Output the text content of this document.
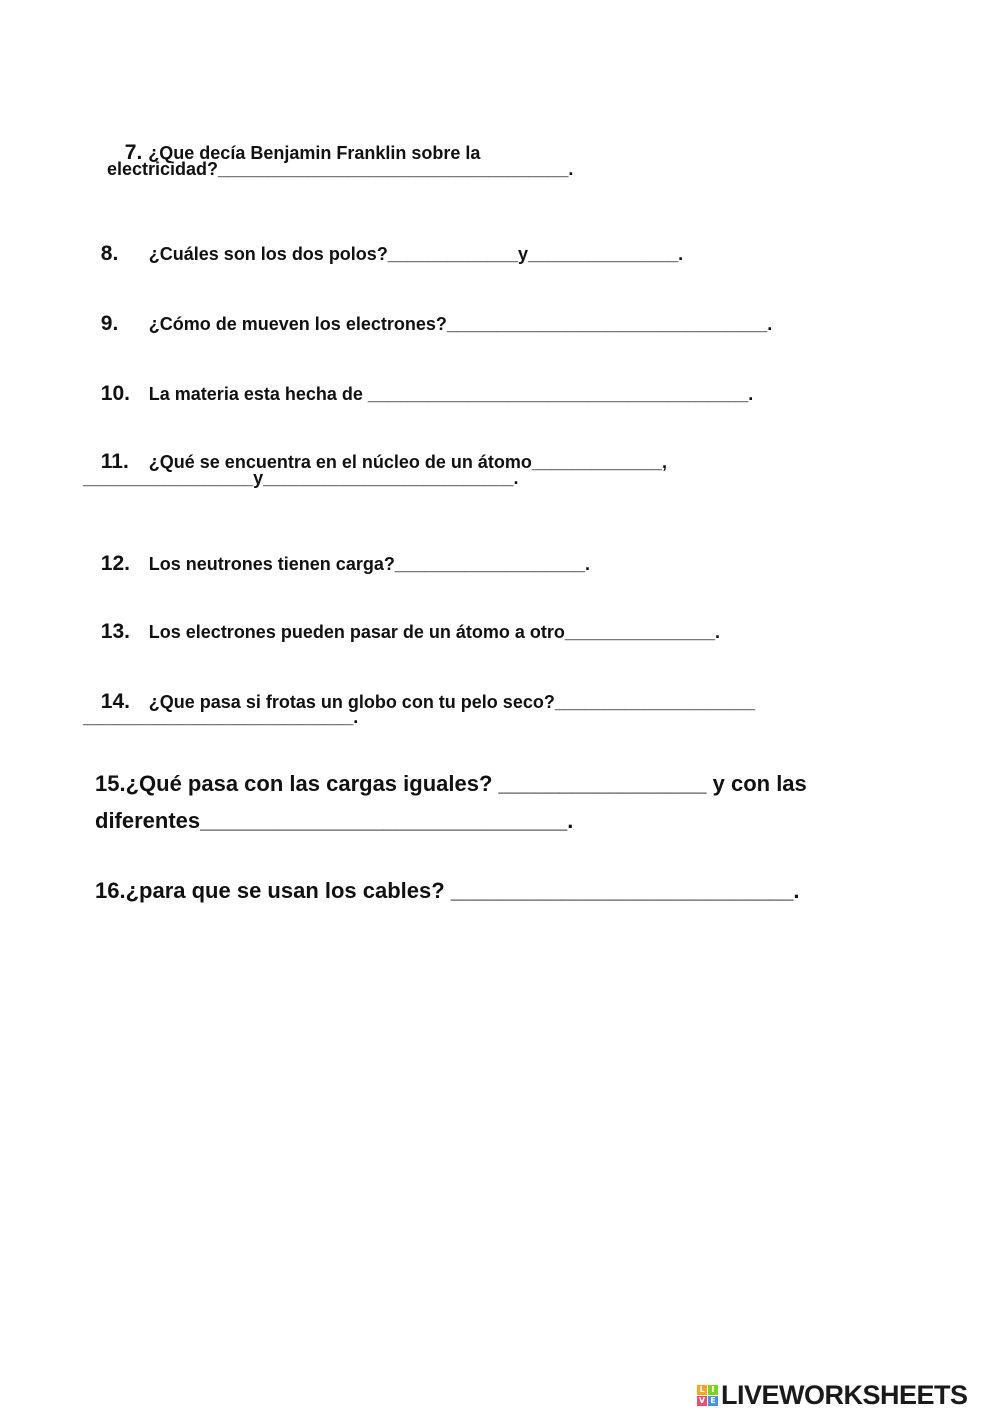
7. ¿Que decía Benjamin Franklin sobre la

electricidad?___________________________________.

8. ¿Cuáles son los dos polos?_____________y_______________.

9. ¿Cómo de mueven los electrones?________________________________.

10. La materia esta hecha de ______________________________________.

11. ¿Qué se encuentra en el núcleo de un átomo_____________,

_________________y_________________________.

12. Los neutrones tienen carga?___________________.

13. Los electrones pueden pasar de un átomo a otro_______________.

14. ¿Que pasa si frotas un globo con tu pelo seco?____________________

___________________________.
15.¿Qué pasa con las cargas iguales? _________________ y con las
diferentes______________________________.
16.¿para que se usan los cables? ____________________________.
L I
V E LIVEWORKSHEETS
